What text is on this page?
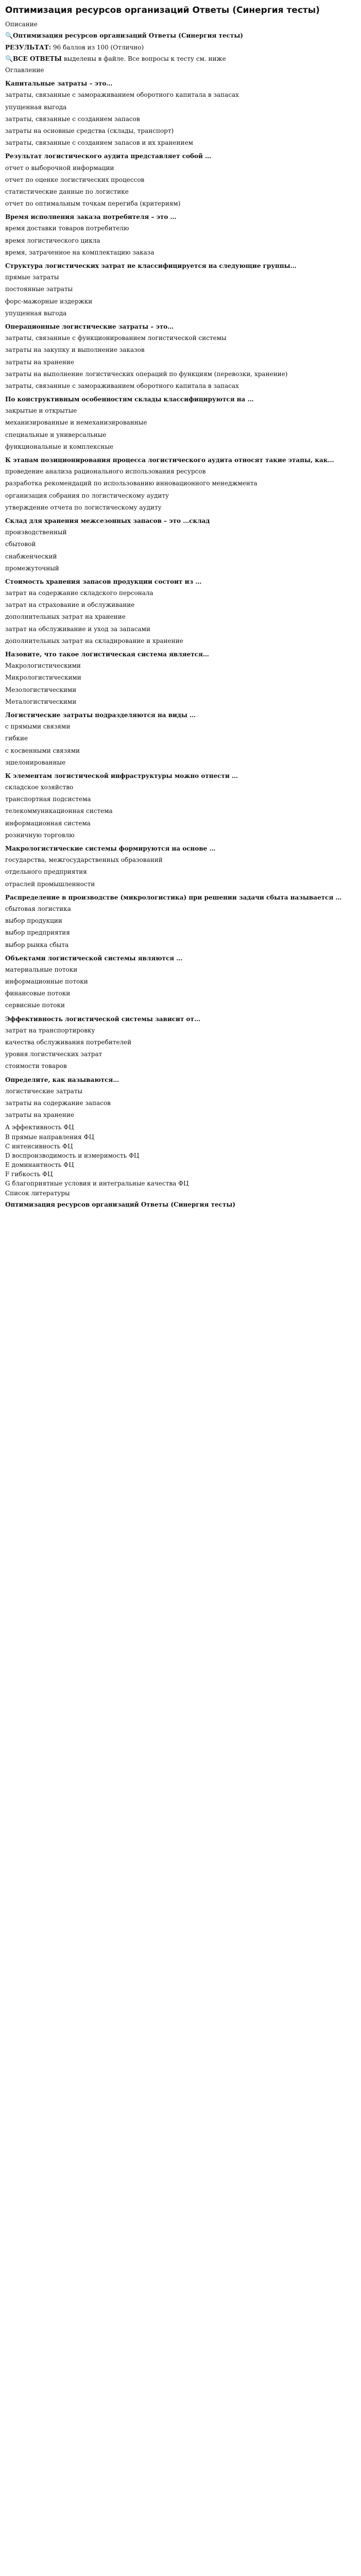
Оптимизация ресурсов организаций Ответы (Синергия тесты)
Описание
🔍Оптимизация ресурсов организаций Ответы (Синергия тесты)
РЕЗУЛЬТАТ: 96 баллов из 100 (Отлично)
🔍ВСЕ ОТВЕТЫ выделены в файле. Все вопросы к тесту см. ниже
Оглавление
Капитальные затраты – это…
затраты, связанные с замораживанием оборотного капитала в запасах
упущенная выгода
затраты, связанные с созданием запасов
затраты на основные средства (склады, транспорт)
затраты, связанные с созданием запасов и их хранением
Результат логистического аудита представляет собой …
отчет о выборочной информации
отчет по оценке логистических процессов
статистические данные по логистике
отчет по оптимальным точкам перегиба (критериям)
Время исполнения заказа потребителя – это …
время доставки товаров потребителю
время логистического цикла
время, затраченное на комплектацию заказа
Структура логистических затрат не классифицируется на следующие группы…
прямые затраты
постоянные затраты
форс-мажорные издержки
упущенная выгода
Операционные логистические затраты – это…
затраты, связанные с функционированием логистической системы
затраты на закупку и выполнение заказов
затраты на хранение
затраты на выполнение логистических операций по функциям (перевозки, хранение)
затраты, связанные с замораживанием оборотного капитала в запасах
По конструктивным особенностям склады классифицируются на …
закрытые и открытые
механизированные и немеханизированные
специальные и универсальные
функциональные и комплексные
К этапам позиционирования процесса логистического аудита относят такие этапы, как…
проведение анализа рационального использования ресурсов
разработка рекомендаций по использованию инновационного менеджмента
организация собрания по логистическому аудиту
утверждение отчета по логистическому аудиту
Склад для хранения межсезонных запасов – это …склад
производственный
сбытовой
снабженческий
промежуточный
Стоимость хранения запасов продукции состоит из …
затрат на содержание складского персонала
затрат на страхование и обслуживание
дополнительных затрат на хранение
затрат на обслуживание и уход за запасами
дополнительных затрат на складирование и хранение
Назовите, что такое логистическая система является…
Макрологистическими
Микрологистическими
Мезологистическими
Металогистическими
Логистические затраты подразделяются на виды …
с прямыми связями
гибкие
с косвенными связями
эшелонированные
К элементам логистической инфраструктуры можно отнести …
складское хозяйство
транспортная подсистема
телекоммуникационная система
информационная система
розничную торговлю
Макрологистические системы формируются на основе …
государства, межгосударственных образований
отдельного предприятия
отраслей промышленности
Распределение в производстве (микрологистика) при решении задачи сбыта называется …
сбытовая логистика
выбор продукции
выбор предприятия
выбор рынка сбыта
Объектами логистической системы являются …
материальные потоки
информационные потоки
финансовые потоки
сервисные потоки
Эффективность логистической системы зависит от…
затрат на транспортировку
качества обслуживания потребителей
уровня логистических затрат
стоимости товаров
Определите, как называются…
логистические затраты
затраты на содержание запасов
затраты на хранение
А эффективность ФЦ
В прямые направления ФЦ
С интенсивность ФЦ
D воспроизводимость и измеримость ФЦ
E доминантность ФЦ
F гибкость ФЦ
G благоприятные условия и интегральные качества ФЦ
Список литературы
Оптимизация ресурсов организаций Ответы (Синергия тесты)
